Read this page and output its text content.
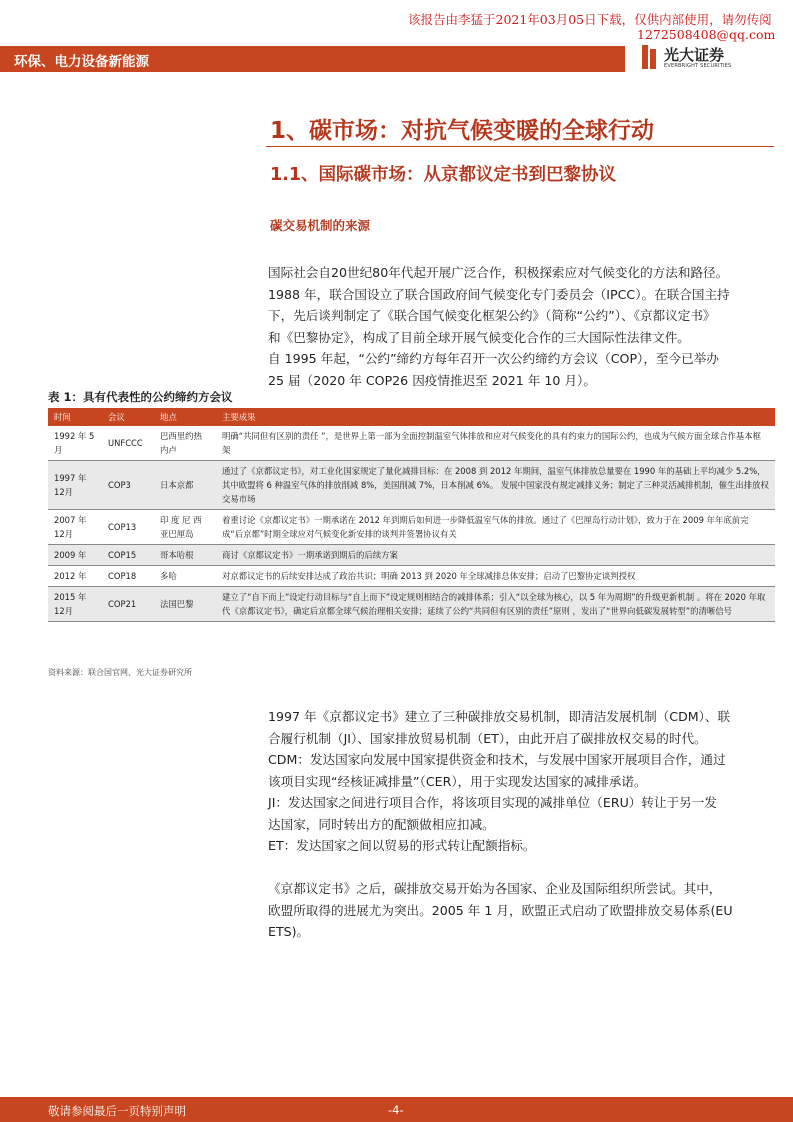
该报告由李猛于2021年03月05日下载，仅供内部使用，请勿传阅
1272508408@qq.com
环保、电力设备新能源	光大证券
EVERBRIGHT SECURITIES
1、碳市场：对抗气候变暖的全球行动
1.1、国际碳市场：从京都议定书到巴黎协议
碳交易机制的来源

国际社会自20世纪80年代起开展广泛合作，积极探索应对气候变化的方法和路径。

1988 年，联合国设立了联合国政府间气候变化专门委员会（IPCC）。在联合国主持

下，先后谈判制定了《联合国气候变化框架公约》（简称“公约”）、《京都议定书》

和《巴黎协定》，构成了目前全球开展气候变化合作的三大国际性法律文件。

自 1995 年起，“公约”缔约方每年召开一次公约缔约方会议（COP），至今已举办

25 届（2020 年 COP26 因疫情推迟至 2021 年 10 月）。

表 1：具有代表性的公约缔约方会议
时间	会议	地点	主要成果
1992 年 5月	UNFCCC	巴西里约热内卢	明确“共同但有区别的责任 ”，是世界上第一部为全面控制温室气体排放和应对气候变化的具有约束力的国际公约，也成为气候方面全球合作基本框架
1997 年 12月	COP3	日本京都	通过了《京都议定书》，对工业化国家规定了量化减排目标：在 2008 到 2012 年期间，温室气体排放总量要在 1990 年的基础上平均减少 5.2%，其中欧盟将 6 种温室气体的排放削减 8%，美国削减 7%，日本削减 6%。 发展中国家没有规定减排义务；制定了三种灵活减排机制，催生出排放权交易市场
2007 年 12月	COP13	印 度 尼 西 亚巴厘岛	着重讨论《京都议定书》一期承诺在 2012 年到期后如何进一步降低温室气体的排放。通过了《巴厘岛行动计划》，致力于在 2009 年年底前完成“后京都”时期全球应对气候变化新安排的谈判并签署协议有关
2009 年	COP15	哥本哈根	商讨《京都议定书》一期承诺到期后的后续方案
2012 年	COP18	多哈	对京都议定书的后续安排达成了政治共识；明确 2013 到 2020 年全球减排总体安排；启动了巴黎协定谈判授权
2015 年 12月	COP21	法国巴黎	建立了“自下而上”设定行动目标与“自上而下”设定规则相结合的减排体系；引入“以全球为核心，以 5 年为周期”的升级更新机制 。将在 2020 年取代《京都议定书》，确定后京都全球气候治理相关安排；延续了公约“共同但有区别的责任”原则 ，发出了“世界向低碳发展转型”的清晰信号
资料来源：联合国官网、光大证券研究所

1997 年《京都议定书》建立了三种碳排放交易机制，即清洁发展机制（CDM）、联

合履行机制（JI）、国家排放贸易机制（ET），由此开启了碳排放权交易的时代。

CDM：发达国家向发展中国家提供资金和技术，与发展中国家开展项目合作，通过

该项目实现“经核证减排量”（CER），用于实现发达国家的减排承诺。

JI：发达国家之间进行项目合作，将该项目实现的减排单位（ERU）转让于另一发

达国家，同时转出方的配额做相应扣减。

ET：发达国家之间以贸易的形式转让配额指标。

《京都议定书》之后，碳排放交易开始为各国家、企业及国际组织所尝试。其中，

欧盟所取得的进展尤为突出。2005 年 1 月，欧盟正式启动了欧盟排放交易体系(EU

ETS)。

敬请参阅最后一页特别声明	-4-
